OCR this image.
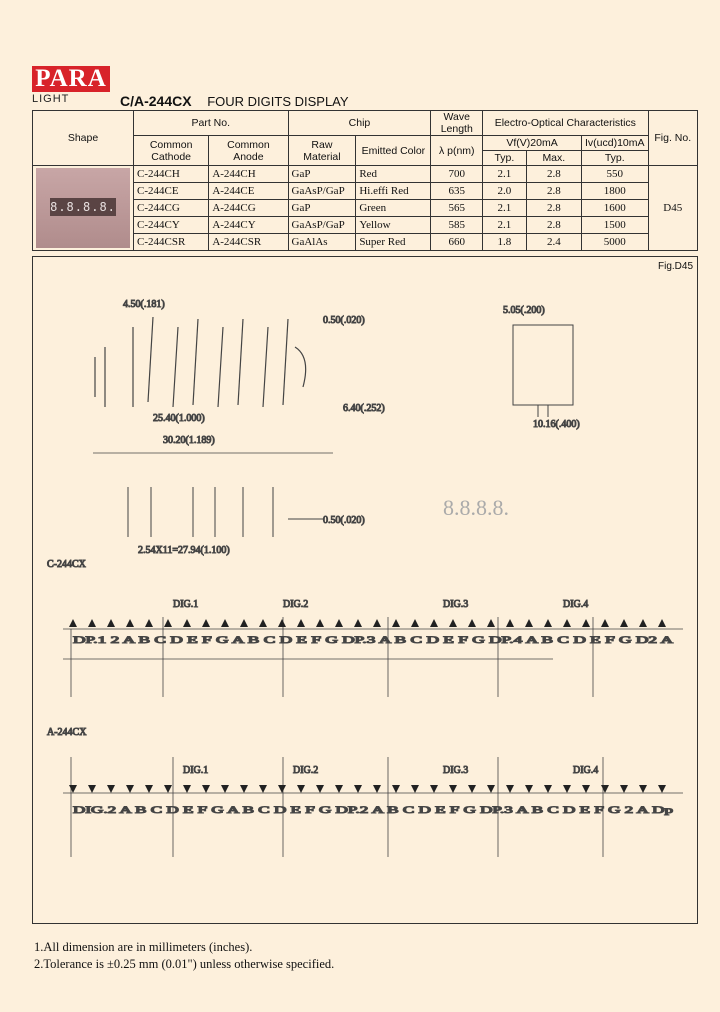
PARA
LIGHT	C/A-244CX FOUR DIGITS DISPLAY
Shape	Part No.		Chip		Wave Length	Electro-Optical Characteristics			Fig. No.
	Common Cathode	Common Anode	Raw Material	Emitted Color	λ p(nm)	Vf(V)20mA		Iv(ucd)10mA	
						Typ.	Max.	Typ.	

8.8.8.8.	C-244CH	A-244CH	GaP	Red	700	2.1	2.8	550	D45
	C-244CE	A-244CE	GaAsP/GaP	Hi.effi Red	635	2.0	2.8	1800	
	C-244CG	A-244CG	GaP	Green	565	2.1	2.8	1600	
	C-244CY	A-244CY	GaAsP/GaP	Yellow	585	2.1	2.8	1500	
	C-244CSR	A-244CSR	GaAlAs	Super Red	660	1.8	2.4	5000	
Fig.D45
4.50(.181)
0.50(.020)
25.40(1.000)
30.20(1.189)
6.40(.252)
5.05(.200)
10.16(.400)
2.54X11=27.94(1.100)
0.50(.020)
8.8.8.8.
C-244CX
DP.1 2 A B C D E F G A B C D E F G DP.3 A B C D E F G DP.4 A B C D E F G D2 A
DIG.1	DIG.2	DIG.3	DIG.4
A-244CX
DIG.2 A B C D E F G A B C D E F G DP.2 A B C D E F G DP.3 A B C D E F G 2 A Dp
DIG.1	DIG.2	DIG.3	DIG.4
1.All dimension are in millimeters (inches).
2.Tolerance is ±0.25 mm (0.01") unless otherwise specified.
